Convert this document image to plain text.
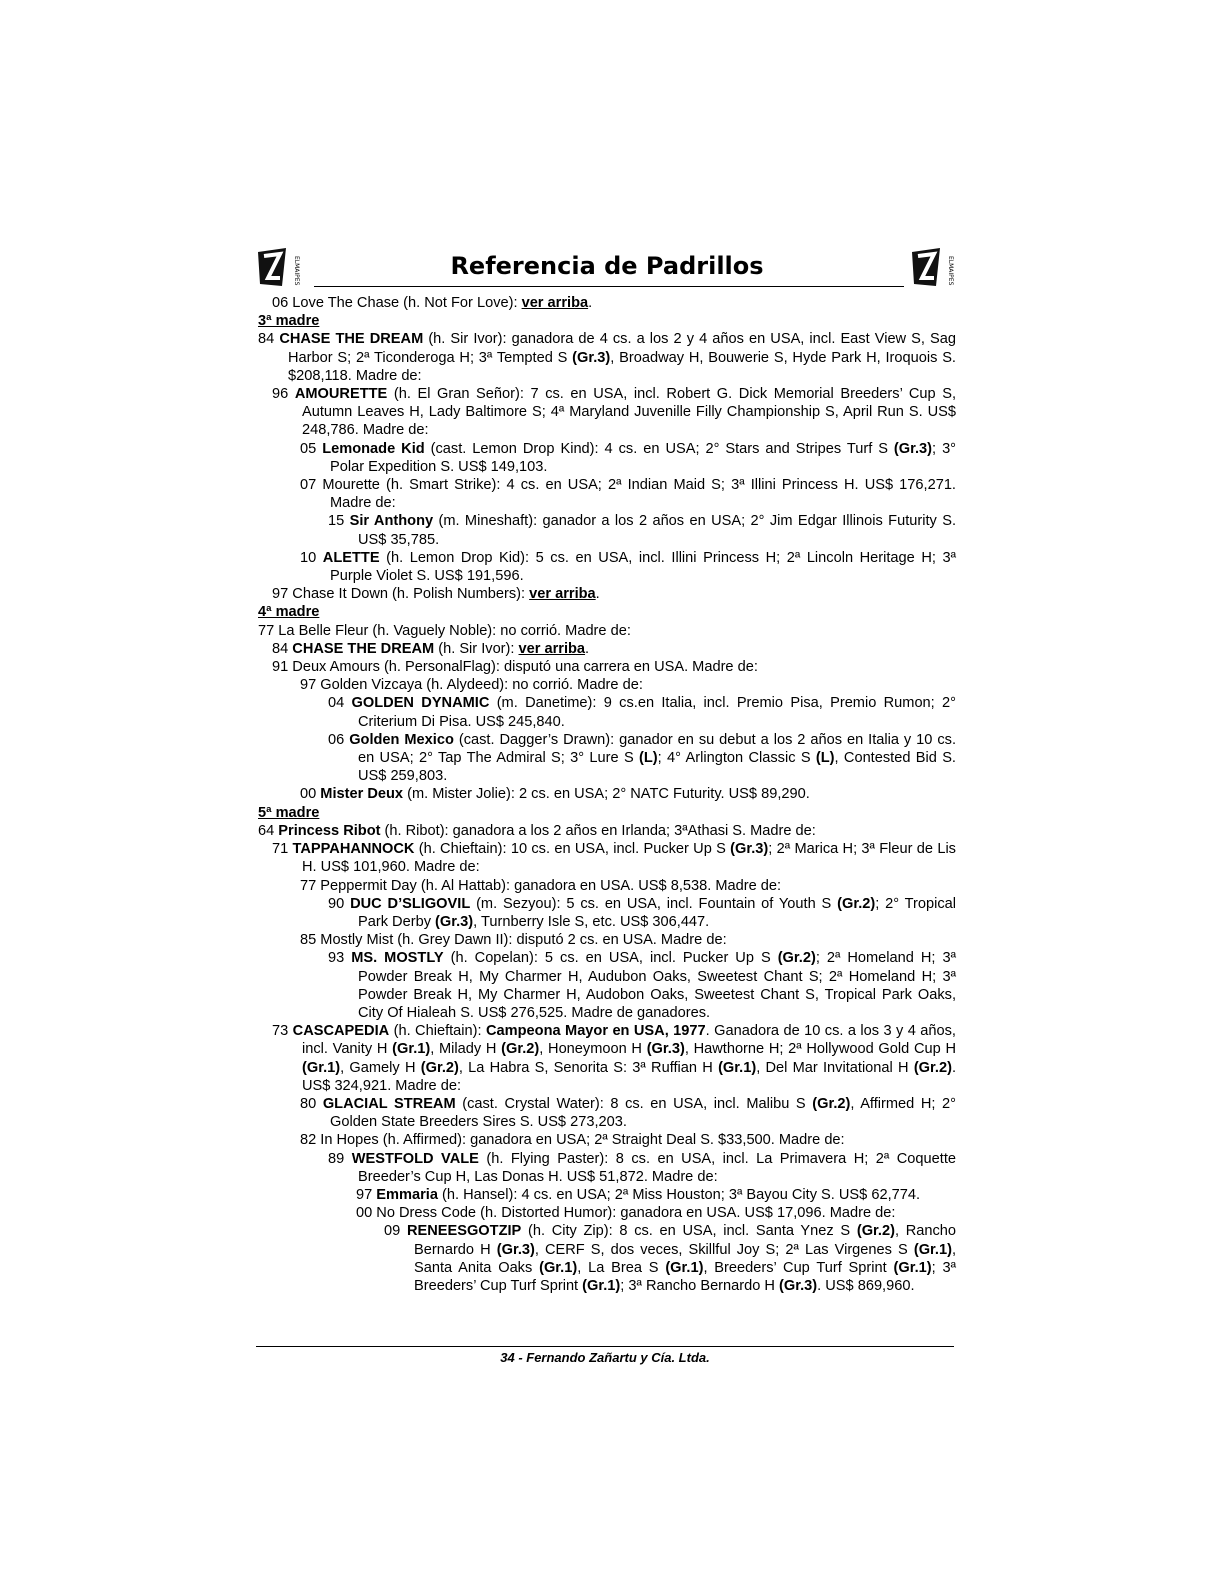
ELMAIPES	Referencia de Padrillos	ELMAIPES

06 Love The Chase (h. Not For Love): ver arriba.

3ª madre

84 CHASE THE DREAM (h. Sir Ivor): ganadora de 4 cs. a los 2 y 4 años en USA, incl. East View S, Sag Harbor S; 2ª Ticonderoga H; 3ª Tempted S (Gr.3), Broadway H, Bouwerie S, Hyde Park H, Iroquois S. $208,118. Madre de:

96 AMOURETTE (h. El Gran Señor): 7 cs. en USA, incl. Robert G. Dick Memorial Breeders’ Cup S, Autumn Leaves H, Lady Baltimore S; 4ª Maryland Juvenille Filly Championship S, April Run S. US$ 248,786. Madre de:

05 Lemonade Kid (cast. Lemon Drop Kind): 4 cs. en USA; 2° Stars and Stripes Turf S (Gr.3); 3° Polar Expedition S. US$ 149,103.

07 Mourette (h. Smart Strike): 4 cs. en USA; 2ª Indian Maid S; 3ª Illini Princess H. US$ 176,271. Madre de:

15 Sir Anthony (m. Mineshaft): ganador a los 2 años en USA; 2° Jim Edgar Illinois Futurity S. US$ 35,785.

10 ALETTE (h. Lemon Drop Kid): 5 cs. en USA, incl. Illini Princess H; 2ª Lincoln Heritage H; 3ª Purple Violet S. US$ 191,596.

97 Chase It Down (h. Polish Numbers): ver arriba.

4ª madre

77 La Belle Fleur (h. Vaguely Noble): no corrió. Madre de:

84 CHASE THE DREAM (h. Sir Ivor): ver arriba.

91 Deux Amours (h. PersonalFlag): disputó una carrera en USA. Madre de:

97 Golden Vizcaya (h. Alydeed): no corrió. Madre de:

04 GOLDEN DYNAMIC (m. Danetime): 9 cs.en Italia, incl. Premio Pisa, Premio Rumon; 2° Criterium Di Pisa. US$ 245,840.

06 Golden Mexico (cast. Dagger’s Drawn): ganador en su debut a los 2 años en Italia y 10 cs. en USA; 2° Tap The Admiral S; 3° Lure S (L); 4° Arlington Classic S (L), Contested Bid S. US$ 259,803.

00 Mister Deux (m. Mister Jolie): 2 cs. en USA; 2° NATC Futurity. US$ 89,290.

5ª madre

64 Princess Ribot (h. Ribot): ganadora a los 2 años en Irlanda; 3ªAthasi S. Madre de:

71 TAPPAHANNOCK (h. Chieftain): 10 cs. en USA, incl. Pucker Up S (Gr.3); 2ª Marica H; 3ª Fleur de Lis H. US$ 101,960. Madre de:

77 Peppermit Day (h. Al Hattab): ganadora en USA. US$ 8,538. Madre de:

90 DUC D’SLIGOVIL (m. Sezyou): 5 cs. en USA, incl. Fountain of Youth S (Gr.2); 2° Tropical Park Derby (Gr.3), Turnberry Isle S, etc. US$ 306,447.

85 Mostly Mist (h. Grey Dawn II): disputó 2 cs. en USA. Madre de:

93 MS. MOSTLY (h. Copelan): 5 cs. en USA, incl. Pucker Up S (Gr.2); 2ª Homeland H; 3ª Powder Break H, My Charmer H, Audubon Oaks, Sweetest Chant S; 2ª Homeland H; 3ª Powder Break H, My Charmer H, Audobon Oaks, Sweetest Chant S, Tropical Park Oaks, City Of Hialeah S. US$ 276,525. Madre de ganadores.

73 CASCAPEDIA (h. Chieftain): Campeona Mayor en USA, 1977. Ganadora de 10 cs. a los 3 y 4 años, incl. Vanity H (Gr.1), Milady H (Gr.2), Honeymoon H (Gr.3), Hawthorne H; 2ª Hollywood Gold Cup H (Gr.1), Gamely H (Gr.2), La Habra S, Senorita S: 3ª Ruffian H (Gr.1), Del Mar Invitational H (Gr.2). US$ 324,921. Madre de:

80 GLACIAL STREAM (cast. Crystal Water): 8 cs. en USA, incl. Malibu S (Gr.2), Affirmed H; 2° Golden State Breeders Sires S. US$ 273,203.

82 In Hopes (h. Affirmed): ganadora en USA; 2ª Straight Deal S. $33,500. Madre de:

89 WESTFOLD VALE (h. Flying Paster): 8 cs. en USA, incl. La Primavera H; 2ª Coquette Breeder’s Cup H, Las Donas H. US$ 51,872. Madre de:

97 Emmaria (h. Hansel): 4 cs. en USA; 2ª Miss Houston; 3ª Bayou City S. US$ 62,774.

00 No Dress Code (h. Distorted Humor): ganadora en USA. US$ 17,096. Madre de:

09 RENEESGOTZIP (h. City Zip): 8 cs. en USA, incl. Santa Ynez S (Gr.2), Rancho Bernardo H (Gr.3), CERF S, dos veces, Skillful Joy S; 2ª Las Virgenes S (Gr.1), Santa Anita Oaks (Gr.1), La Brea S (Gr.1), Breeders’ Cup Turf Sprint (Gr.1); 3ª Breeders’ Cup Turf Sprint (Gr.1); 3ª Rancho Bernardo H (Gr.3). US$ 869,960.

34 - Fernando Zañartu y Cía. Ltda.
